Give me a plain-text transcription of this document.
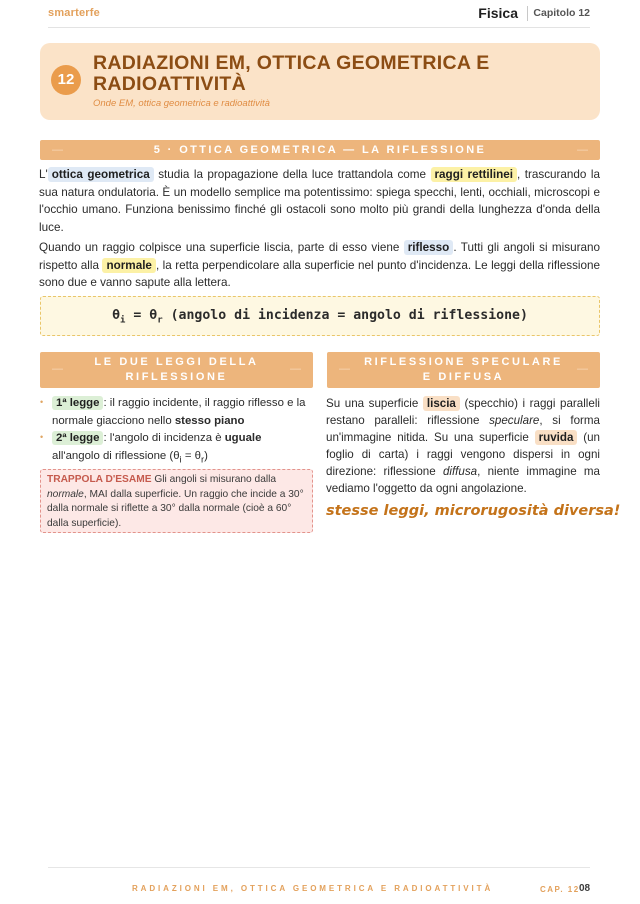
smarterfe	Fisica Capitolo 12
12
RADIAZIONI EM, OTTICA GEOMETRICA E RADIOATTIVITÀ
Onde EM, ottica geometrica e radioattività
—	5 · OTTICA GEOMETRICA — LA RIFLESSIONE	—

L' ottica geometrica studia la propagazione della luce trattandola come raggi rettilinei , trascurando la sua natura ondulatoria. È un modello semplice ma potentissimo: spiega specchi, lenti, occhiali, microscopi e l'occhio umano. Funziona benissimo finché gli ostacoli sono molto più grandi della lunghezza d'onda della luce.

Quando un raggio colpisce una superficie liscia, parte di esso viene riflesso . Tutti gli angoli si misurano rispetto alla normale , la retta perpendicolare alla superficie nel punto d'incidenza. Le leggi della riflessione sono due e vanno sapute alla lettera.

$\theta_i = \theta_r$ (angolo di incidenza = angolo di riflessione)
—
LE DUE LEGGI DELLA RIFLESSIONE
—	—
RIFLESSIONE SPECULARE E DIFFUSA
—
•	1ª legge : il raggio incidente, il raggio riflesso e la normale giacciono nello stesso piano

•	2ª legge : l'angolo di incidenza è uguale all'angolo di riflessione $(\theta_i = \theta_r)$

TRAPPOLA D'ESAME Gli angoli si misurano dalla normale, MAI dalla superficie. Un raggio che incide a 30° dalla normale si riflette a 30° dalla normale (cioè a 60° dalla superficie).

Su una superficie liscia (specchio) i raggi paralleli restano paralleli: riflessione speculare, si forma un'immagine nitida. Su una superficie ruvida (un foglio di carta) i raggi vengono dispersi in ogni direzione: riflessione diffusa, niente immagine ma vediamo l'oggetto da ogni angolazione.

stesse leggi, microrugosità diversa!
RADIAZIONI EM, OTTICA GEOMETRICA E RADIOATTIVITÀ	CAP. 12 08
